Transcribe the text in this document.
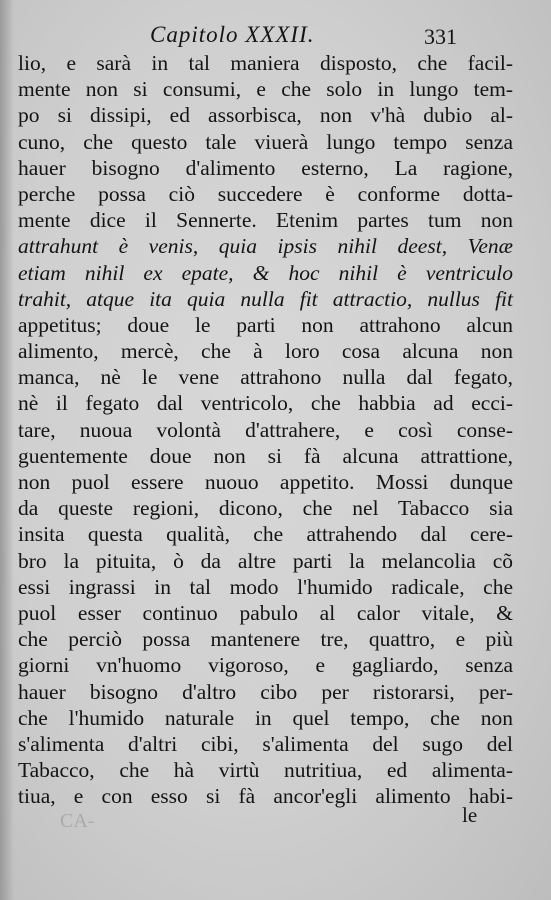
Capitolo XXXII.	331
lio, e sarà in tal maniera disposto, che facil-
mente non si consumi, e che solo in lungo tem-
po si dissipi, ed assorbisca, non v'hà dubio al-
cuno, che questo tale viuerà lungo tempo senza
hauer bisogno d'alimento esterno, La ragione,
perche possa ciò succedere è conforme dotta-
mente dice il Sennerte. Etenim partes tum non
attrahunt è venis, quia ipsis nihil deest, Venæ
etiam nihil ex epate, & hoc nihil è ventriculo
trahit, atque ita quia nulla fit attractio, nullus fit
appetitus; doue le parti non attrahono alcun
alimento, mercè, che à loro cosa alcuna non
manca, nè le vene attrahono nulla dal fegato,
nè il fegato dal ventricolo, che habbia ad ecci-
tare, nuoua volontà d'attrahere, e così conse-
guentemente doue non si fà alcuna attrattione,
non puol essere nuouo appetito. Mossi dunque
da queste regioni, dicono, che nel Tabacco sia
insita questa qualità, che attrahendo dal cere-
bro la pituita, ò da altre parti la melancolia cõ
essi ingrassi in tal modo l'humido radicale, che
puol esser continuo pabulo al calor vitale, &
che perciò possa mantenere tre, quattro, e più
giorni vn'huomo vigoroso, e gagliardo, senza
hauer bisogno d'altro cibo per ristorarsi, per-
che l'humido naturale in quel tempo, che non
s'alimenta d'altri cibi, s'alimenta del sugo del
Tabacco, che hà virtù nutritiua, ed alimenta-
tiua, e con esso si fà ancor'egli alimento habi-
le
CA-
